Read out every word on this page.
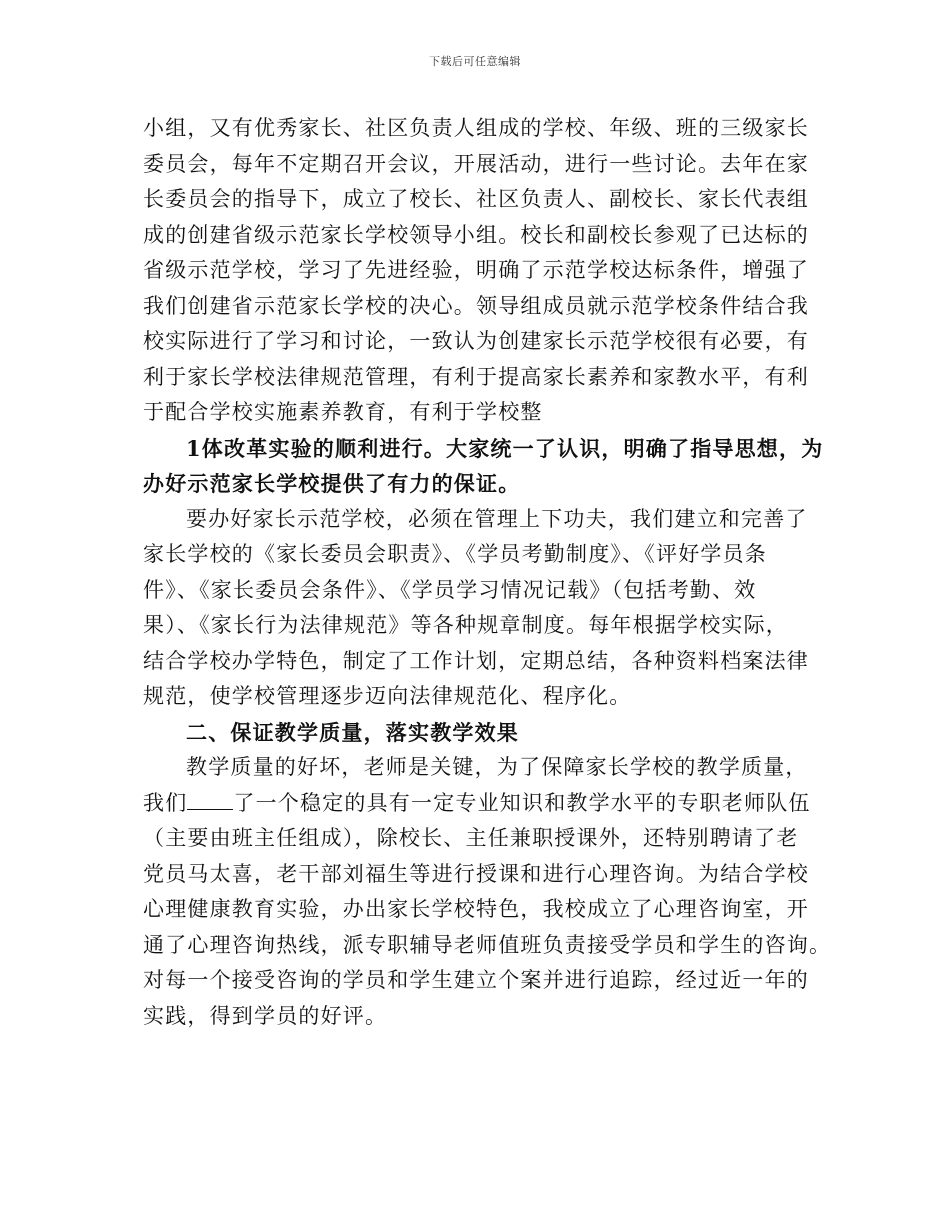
下载后可任意编辑
小组，又有优秀家长、社区负责人组成的学校、年级、班的三级家长
委员会，每年不定期召开会议，开展活动，进行一些讨论。去年在家
长委员会的指导下，成立了校长、社区负责人、副校长、家长代表组
成的创建省级示范家长学校领导小组。校长和副校长参观了已达标的
省级示范学校，学习了先进经验，明确了示范学校达标条件，增强了
我们创建省示范家长学校的决心。领导组成员就示范学校条件结合我
校实际进行了学习和讨论，一致认为创建家长示范学校很有必要，有
利于家长学校法律规范管理，有利于提高家长素养和家教水平，有利
于配合学校实施素养教育，有利于学校整
1体改革实验的顺利进行。大家统一了认识，明确了指导思想，为
办好示范家长学校提供了有力的保证。
要办好家长示范学校，必须在管理上下功夫，我们建立和完善了
家长学校的《家长委员会职责》、《学员考勤制度》、《评好学员条
件》、《家长委员会条件》、《学员学习情况记载》（包括考勤、效
果）、《家长行为法律规范》等各种规章制度。每年根据学校实际，
结合学校办学特色，制定了工作计划，定期总结，各种资料档案法律
规范，使学校管理逐步迈向法律规范化、程序化。
二、保证教学质量，落实教学效果
教学质量的好坏，老师是关键，为了保障家长学校的教学质量，
我们 了一个稳定的具有一定专业知识和教学水平的专职老师队伍
（主要由班主任组成），除校长、主任兼职授课外，还特别聘请了老
党员马太喜，老干部刘福生等进行授课和进行心理咨询。为结合学校
心理健康教育实验，办出家长学校特色，我校成立了心理咨询室，开
通了心理咨询热线，派专职辅导老师值班负责接受学员和学生的咨询。
对每一个接受咨询的学员和学生建立个案并进行追踪，经过近一年的
实践，得到学员的好评。
